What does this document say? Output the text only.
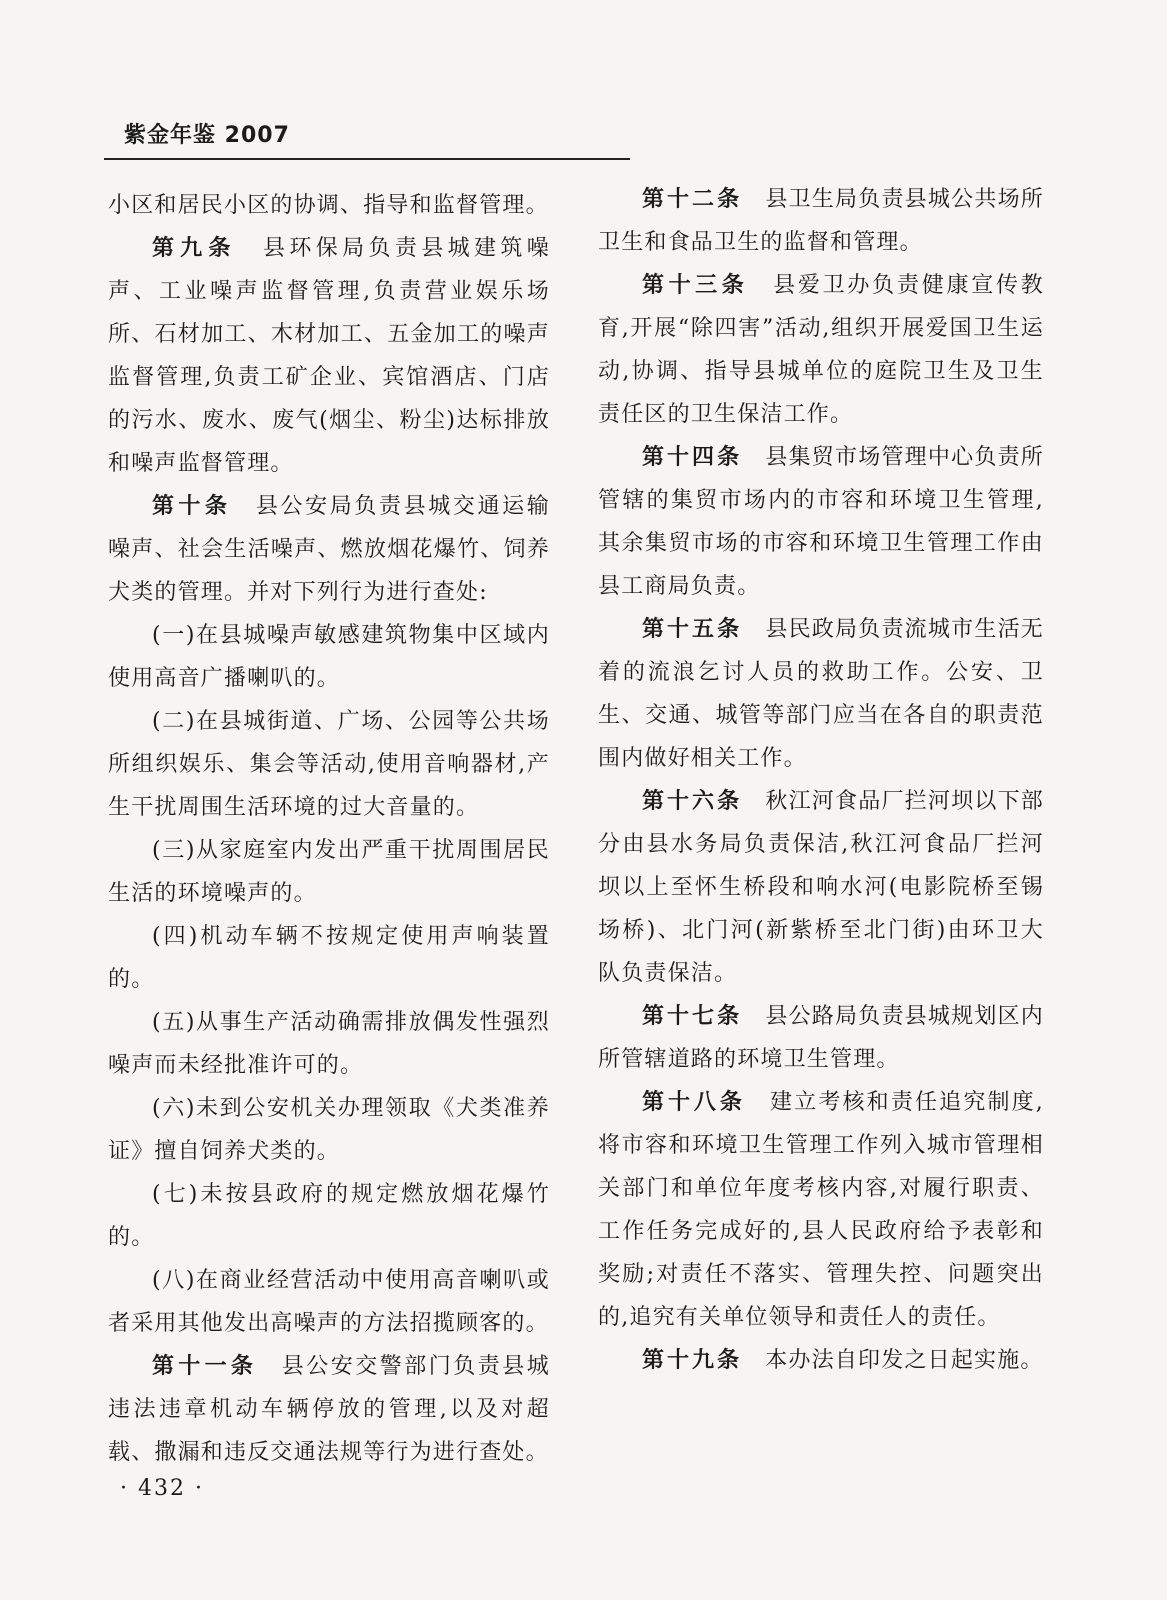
紫金年鉴 2007

小区和居民小区的协调、指导和监督管理。

第九条　 县环保局负责县城建筑噪声、工业噪声监督管理,负责营业娱乐场所、石材加工、木材加工、五金加工的噪声监督管理,负责工矿企业、宾馆酒店、门店的污水、废水、废气(烟尘、粉尘)达标排放和噪声监督管理。

第十条　 县公安局负责县城交通运输噪声、社会生活噪声、燃放烟花爆竹、饲养犬类的管理。并对下列行为进行查处:

(一)在县城噪声敏感建筑物集中区域内使用高音广播喇叭的。

(二)在县城街道、广场、公园等公共场所组织娱乐、集会等活动,使用音响器材,产生干扰周围生活环境的过大音量的。

(三)从家庭室内发出严重干扰周围居民生活的环境噪声的。

(四)机动车辆不按规定使用声响装置的。

(五)从事生产活动确需排放偶发性强烈噪声而未经批准许可的。

(六)未到公安机关办理领取《犬类准养证》擅自饲养犬类的。

(七)未按县政府的规定燃放烟花爆竹的。

(八)在商业经营活动中使用高音喇叭或者采用其他发出高噪声的方法招揽顾客的。

第十一条　 县公安交警部门负责县城违法违章机动车辆停放的管理,以及对超载、撒漏和违反交通法规等行为进行查处。

第十二条　 县卫生局负责县城公共场所卫生和食品卫生的监督和管理。

第十三条　 县爱卫办负责健康宣传教育,开展“除四害”活动,组织开展爱国卫生运动,协调、指导县城单位的庭院卫生及卫生责任区的卫生保洁工作。

第十四条　 县集贸市场管理中心负责所管辖的集贸市场内的市容和环境卫生管理,其余集贸市场的市容和环境卫生管理工作由县工商局负责。

第十五条　 县民政局负责流城市生活无着的流浪乞讨人员的救助工作。公安、卫生、交通、城管等部门应当在各自的职责范围内做好相关工作。

第十六条　 秋江河食品厂拦河坝以下部分由县水务局负责保洁,秋江河食品厂拦河坝以上至怀生桥段和响水河(电影院桥至锡场桥)、北门河(新紫桥至北门街)由环卫大队负责保洁。

第十七条　 县公路局负责县城规划区内所管辖道路的环境卫生管理。

第十八条　 建立考核和责任追究制度,将市容和环境卫生管理工作列入城市管理相关部门和单位年度考核内容,对履行职责、工作任务完成好的,县人民政府给予表彰和奖励;对责任不落实、管理失控、问题突出的,追究有关单位领导和责任人的责任。

第十九条　 本办法自印发之日起实施。

· 432 ·
